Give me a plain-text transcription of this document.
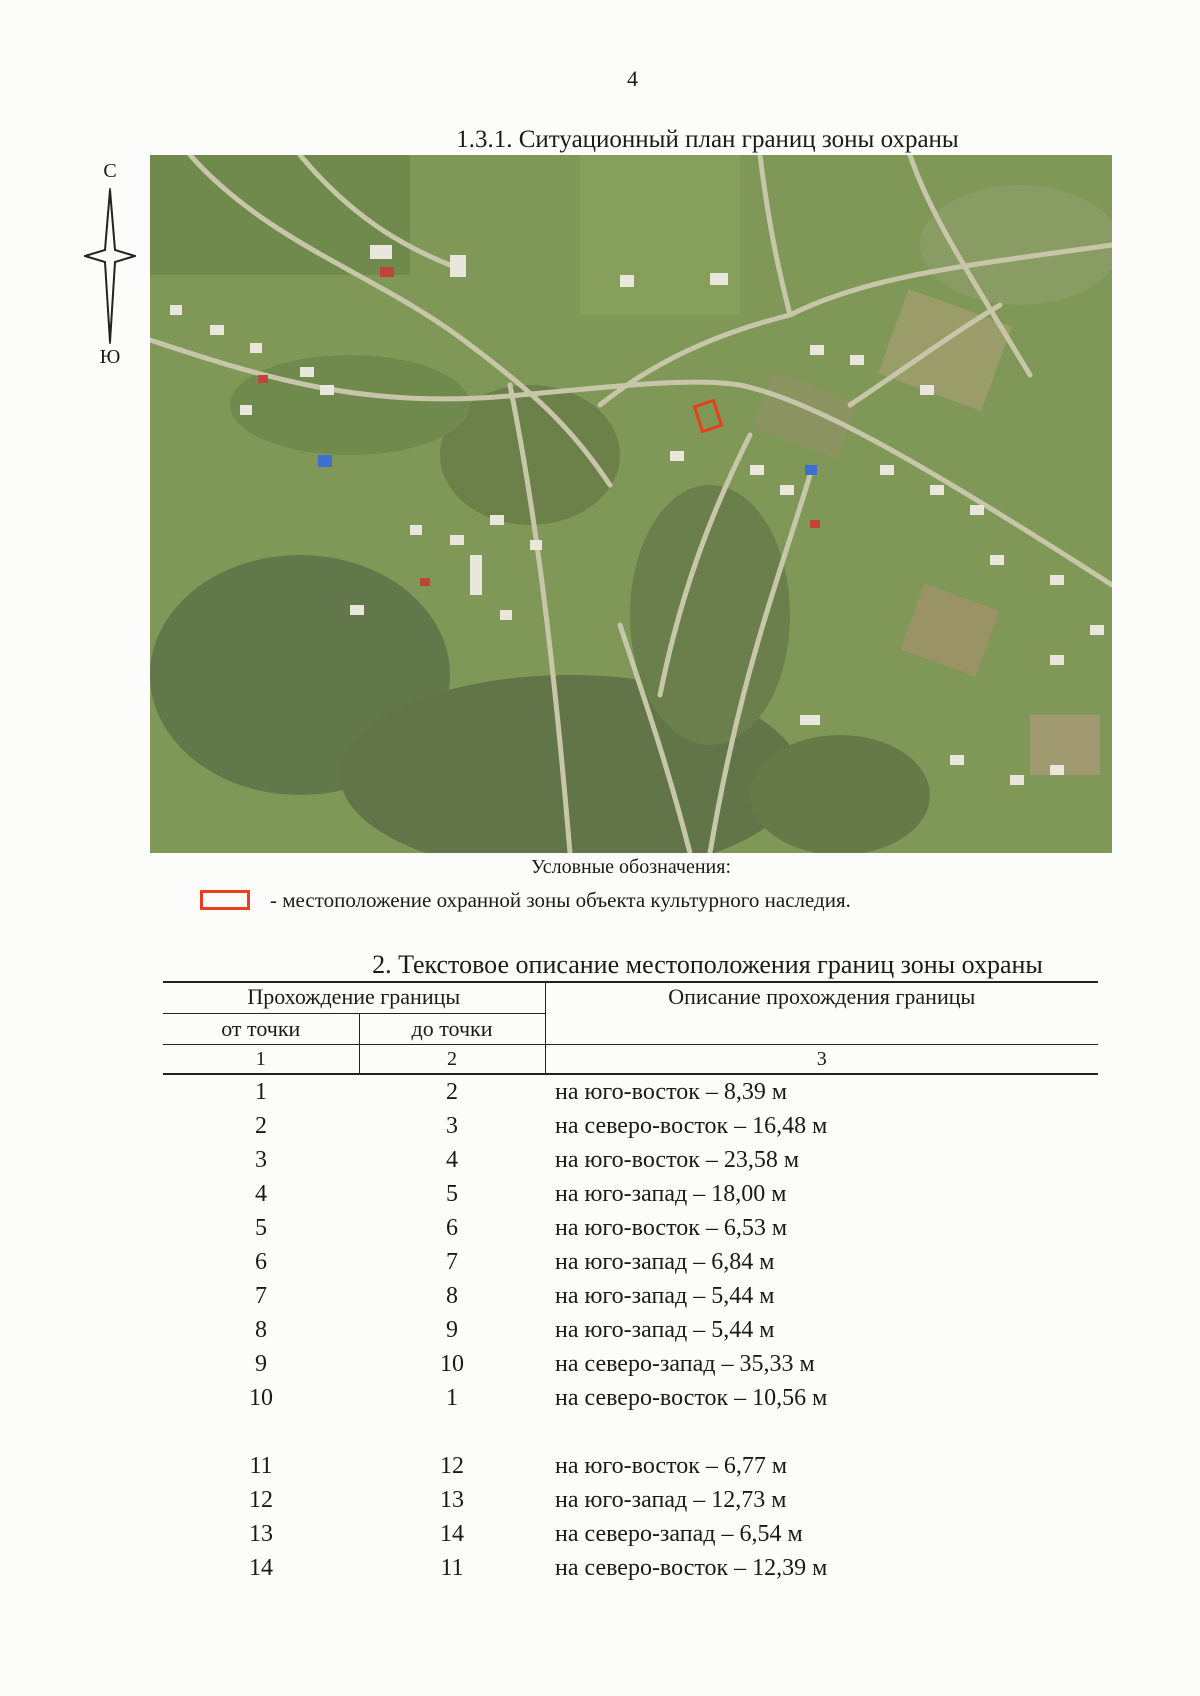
4
1.3.1. Ситуационный план границ зоны охраны
С
Ю
Условные обозначения:
- местоположение охранной зоны объекта культурного наследия.
2. Текстовое описание местоположения границ зоны охраны
Прохождение границы		Описание прохождения границы
от точки	до точки	
1	2	3
1	2	на юго-восток – 8,39 м
2	3	на северо-восток – 16,48 м
3	4	на юго-восток – 23,58 м
4	5	на юго-запад – 18,00 м
5	6	на юго-восток – 6,53 м
6	7	на юго-запад – 6,84 м
7	8	на юго-запад – 5,44 м
8	9	на юго-запад – 5,44 м
9	10	на северо-запад – 35,33 м
10	1	на северо-восток – 10,56 м

11	12	на юго-восток – 6,77 м
12	13	на юго-запад – 12,73 м
13	14	на северо-запад – 6,54 м
14	11	на северо-восток – 12,39 м
